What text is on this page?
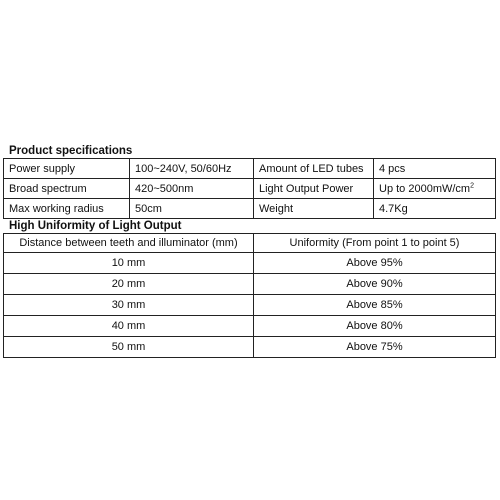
Product specifications
Power supply	100~240V, 50/60Hz	Amount of LED tubes	4 pcs
Broad spectrum	420~500nm	Light Output Power	Up to $2000mW/cm^2$
Max working radius	50cm	Weight	4.7Kg
High Uniformity of Light Output
Distance between teeth and illuminator (mm)	Uniformity (From point 1 to point 5)
10 mm	Above 95%
20 mm	Above 90%
30 mm	Above 85%
40 mm	Above 80%
50 mm	Above 75%
